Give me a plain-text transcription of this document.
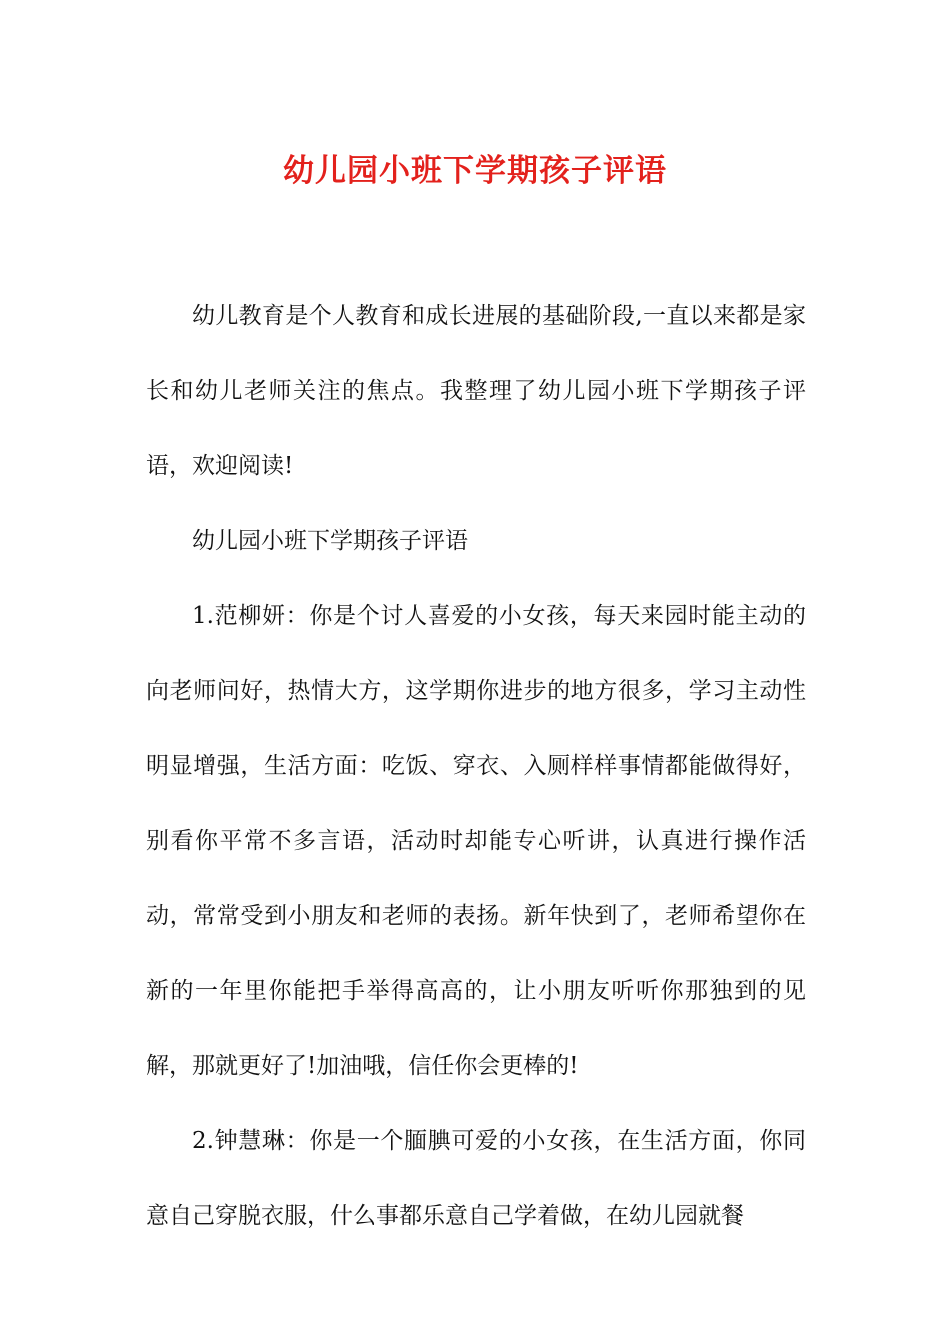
幼儿园小班下学期孩子评语

幼儿教育是个人教育和成长进展的基础阶段,一直以来都是家长和幼儿老师关注的焦点。我整理了幼儿园小班下学期孩子评语，欢迎阅读!

幼儿园小班下学期孩子评语

1.范柳妍：你是个讨人喜爱的小女孩，每天来园时能主动的向老师问好，热情大方，这学期你进步的地方很多，学习主动性明显增强，生活方面：吃饭、穿衣、入厕样样事情都能做得好，别看你平常不多言语，活动时却能专心听讲，认真进行操作活动，常常受到小朋友和老师的表扬。新年快到了，老师希望你在新的一年里你能把手举得高高的，让小朋友听听你那独到的见解，那就更好了!加油哦，信任你会更棒的!

2.钟慧琳：你是一个腼腆可爱的小女孩，在生活方面，你同意自己穿脱衣服，什么事都乐意自己学着做，在幼儿园就餐
